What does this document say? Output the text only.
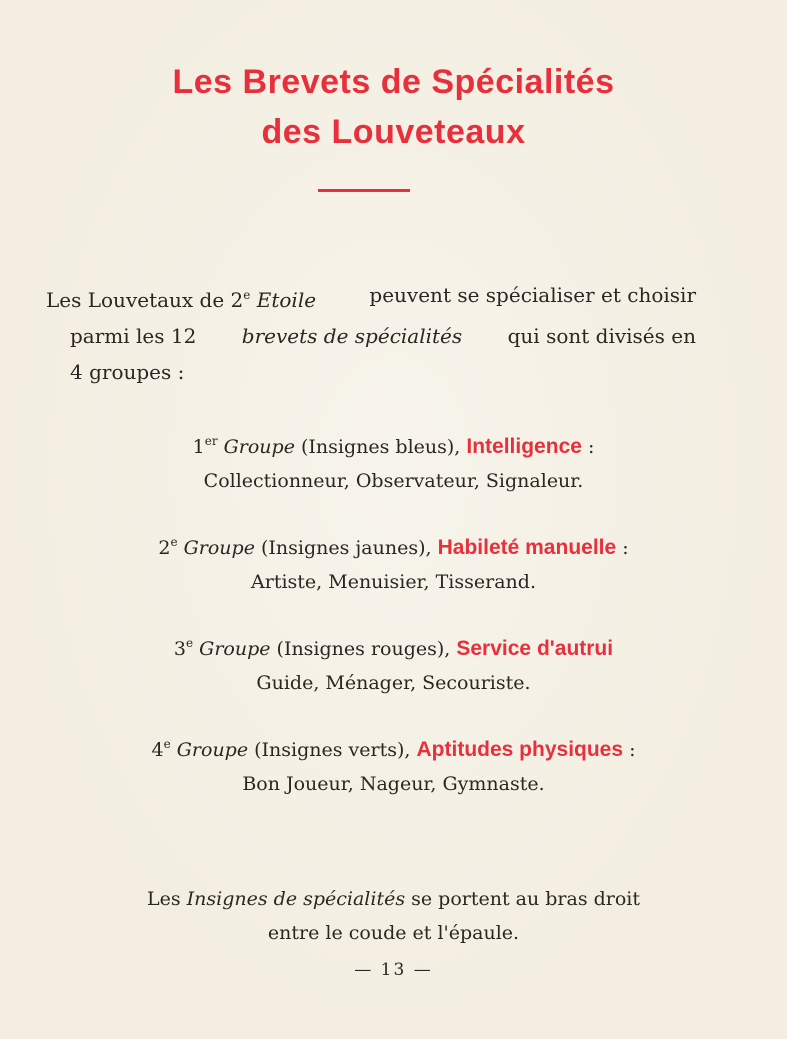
Les Brevets de Spécialités
des Louveteaux
Les Louvetaux de 2e Etoile	peuvent se spécialiser et choisir
parmi les 12 brevets de spécialités qui sont divisés en
4 groupes :
1er Groupe (Insignes bleus), Intelligence :
Collectionneur, Observateur, Signaleur.
2e Groupe (Insignes jaunes), Habileté manuelle :
Artiste, Menuisier, Tisserand.
3e Groupe (Insignes rouges), Service d'autrui
Guide, Ménager, Secouriste.
4e Groupe (Insignes verts), Aptitudes physiques :
Bon Joueur, Nageur, Gymnaste.
Les Insignes de spécialités se portent au bras droit
entre le coude et l'épaule.
— 13 —
